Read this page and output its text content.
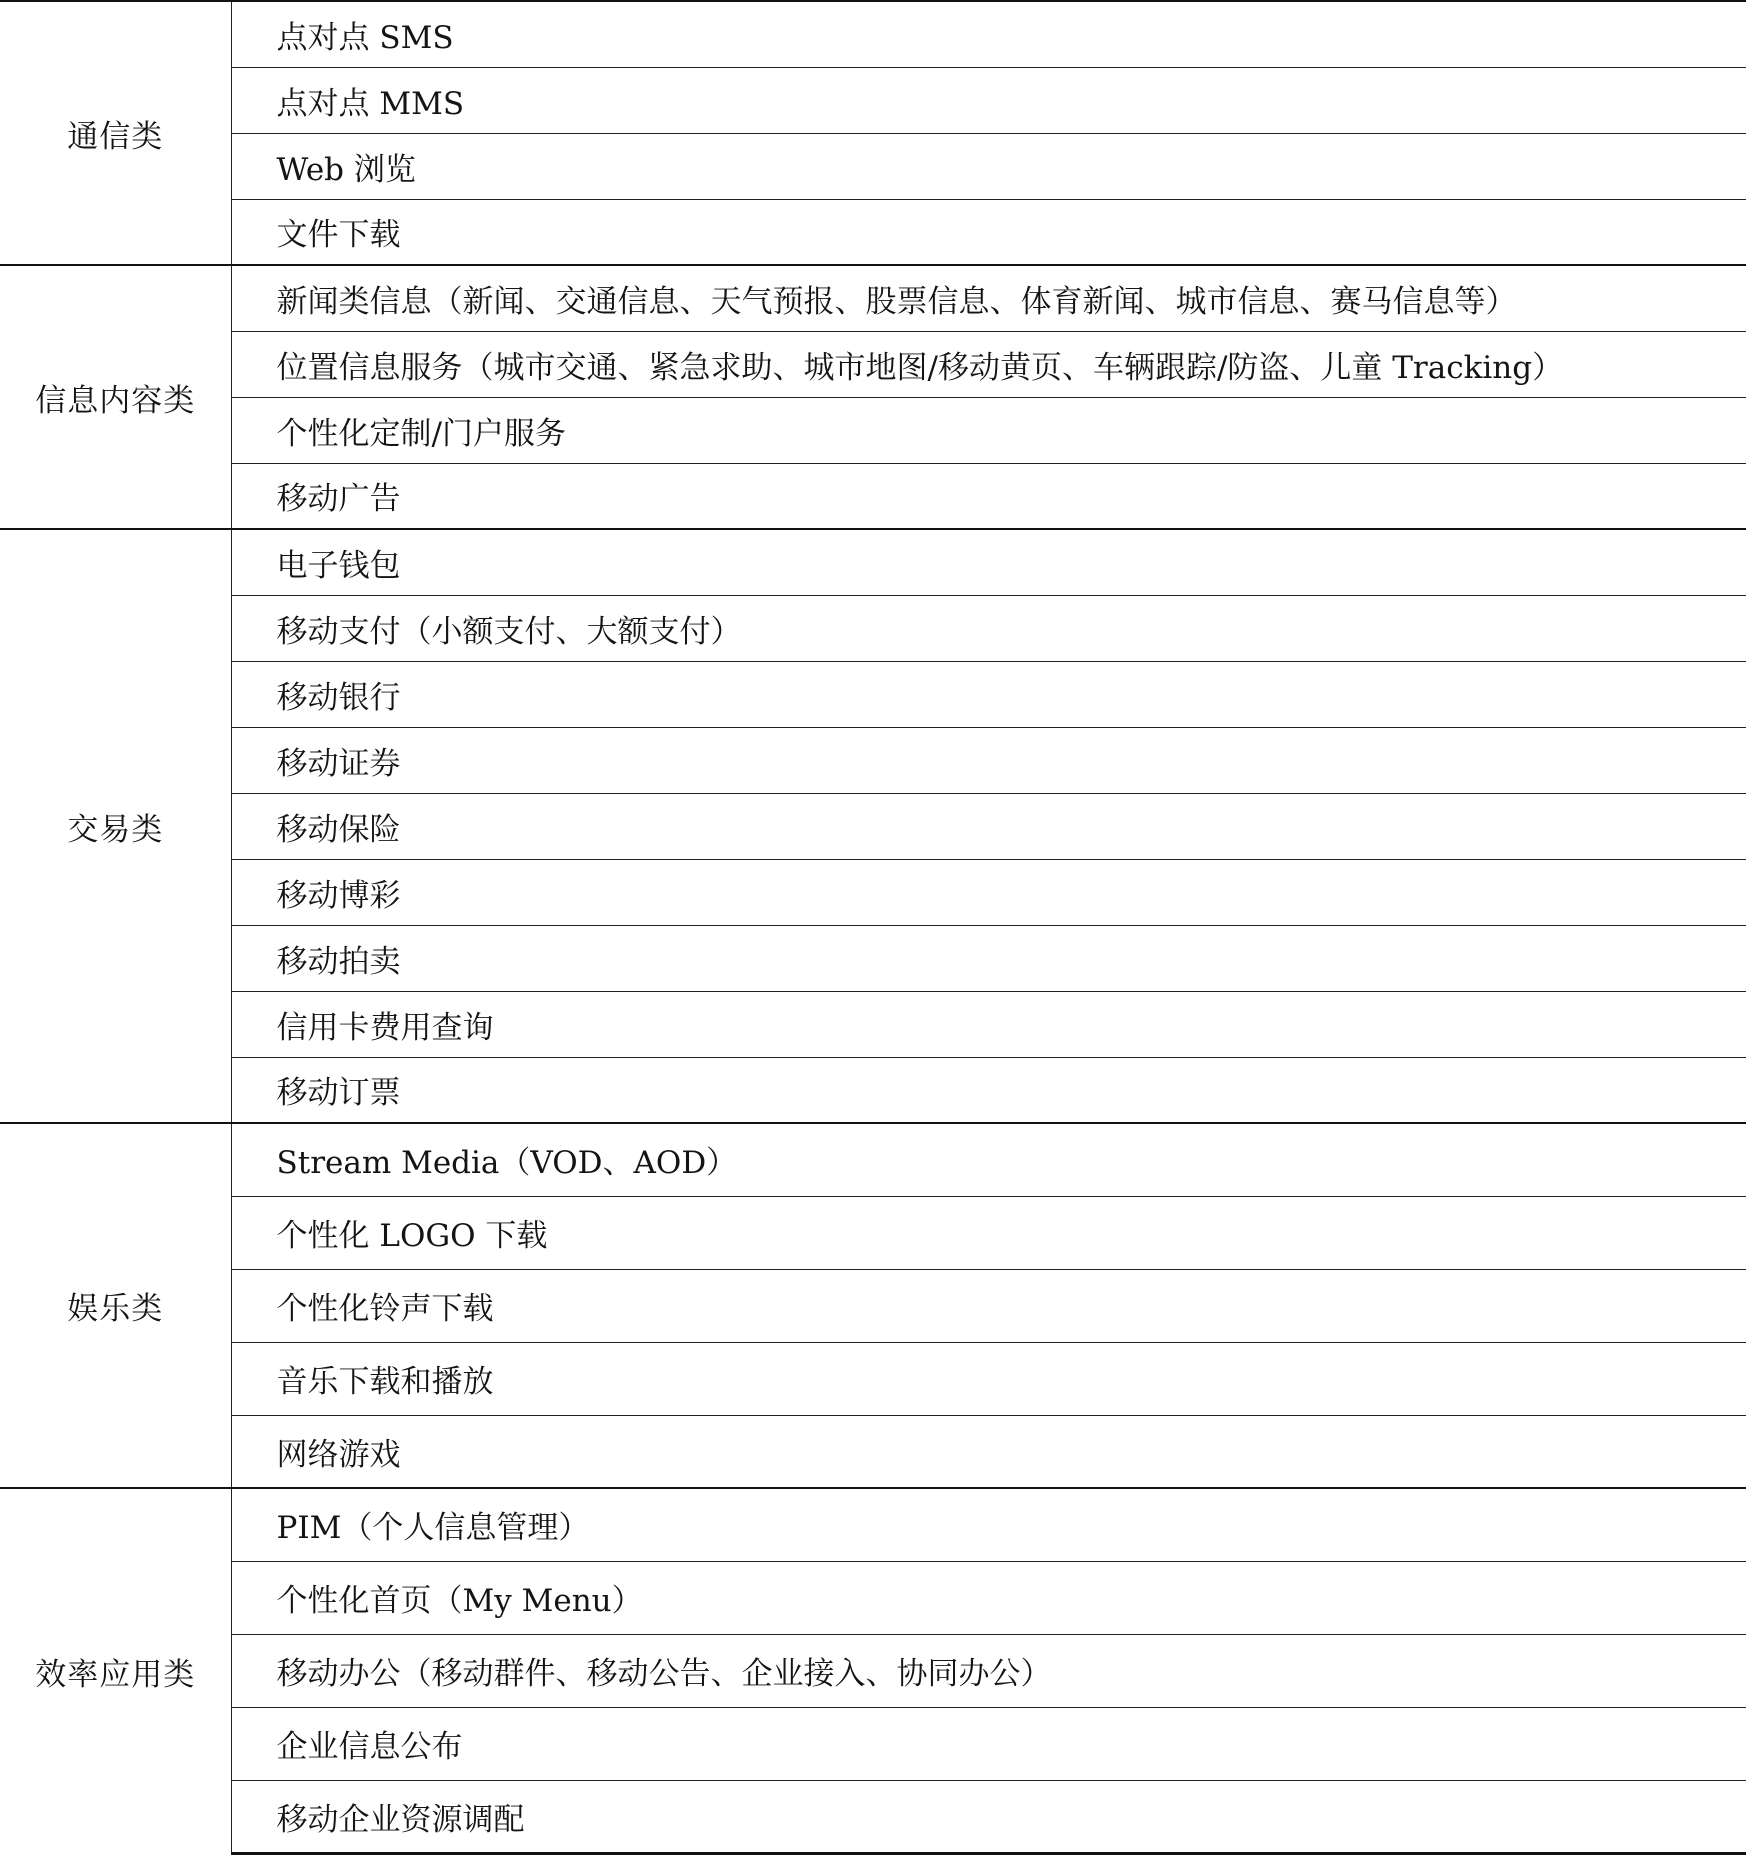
通信类	点对点 SMS
	点对点 MMS
	Web 浏览
	文件下载
信息内容类	新闻类信息（新闻、交通信息、天气预报、股票信息、体育新闻、城市信息、赛马信息等）
	位置信息服务（城市交通、紧急求助、城市地图/移动黄页、车辆跟踪/防盗、儿童 Tracking）
	个性化定制/门户服务
	移动广告
交易类	电子钱包
	移动支付（小额支付、大额支付）
	移动银行
	移动证券
	移动保险
	移动博彩
	移动拍卖
	信用卡费用查询
	移动订票
娱乐类	Stream Media（VOD、AOD）
	个性化 LOGO 下载
	个性化铃声下载
	音乐下载和播放
	网络游戏
效率应用类	PIM（个人信息管理）
	个性化首页（My Menu）
	移动办公（移动群件、移动公告、企业接入、协同办公）
	企业信息公布
	移动企业资源调配
